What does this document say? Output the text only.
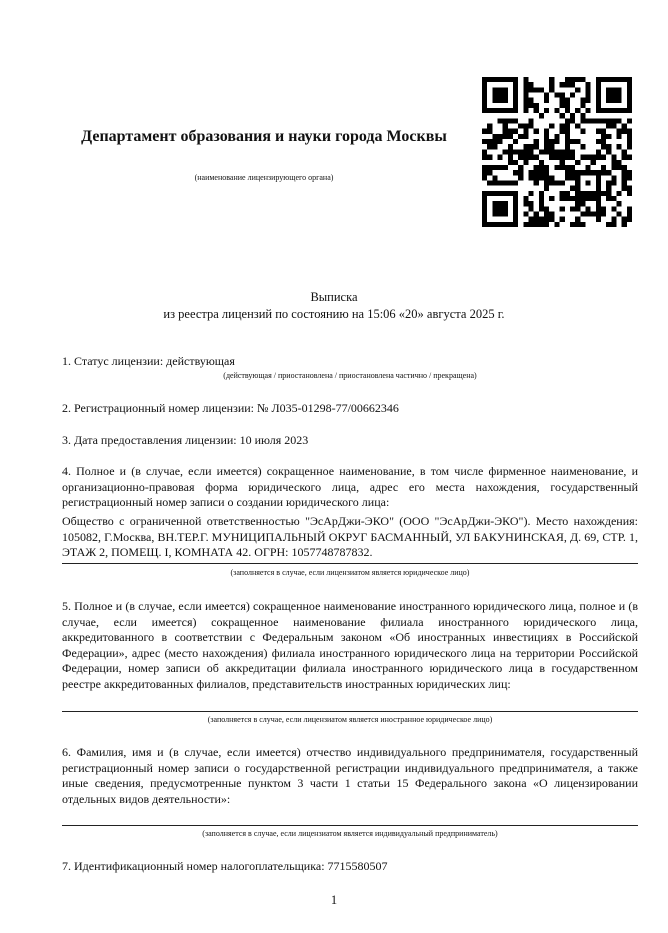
Департамент образования и науки города Москвы
(наименование лицензирующего органа)
Выписка
из реестра лицензий по состоянию на 15:06 «20» августа 2025 г.
1. Статус лицензии: действующая
(действующая / приостановлена / приостановлена частично / прекращена)
2. Регистрационный номер лицензии: № Л035-01298-77/00662346
3. Дата предоставления лицензии: 10 июля 2023
4. Полное и (в случае, если имеется) сокращенное наименование, в том числе фирменное наименование, и организационно-правовая форма юридического лица, адрес его места нахождения, государственный регистрационный номер записи о создании юридического лица:
Общество с ограниченной ответственностью "ЭсАрДжи-ЭКО" (ООО "ЭсАрДжи-ЭКО"). Место нахождения: 105082, Г.Москва, ВН.ТЕР.Г. МУНИЦИПАЛЬНЫЙ ОКРУГ БАСМАННЫЙ, УЛ БАКУНИНСКАЯ, Д. 69, СТР. 1, ЭТАЖ 2, ПОМЕЩ. I, КОМНАТА 42. ОГРН: 1057748787832.
(заполняется в случае, если лицензиатом является юридическое лицо)
5. Полное и (в случае, если имеется) сокращенное наименование иностранного юридического лица, полное и (в случае, если имеется) сокращенное наименование филиала иностранного юридического лица, аккредитованного в соответствии с Федеральным законом «Об иностранных инвестициях в Российской Федерации», адрес (место нахождения) филиала иностранного юридического лица на территории Российской Федерации, номер записи об аккредитации филиала иностранного юридического лица в государственном реестре аккредитованных филиалов, представительств иностранных юридических лиц:
(заполняется в случае, если лицензиатом является иностранное юридическое лицо)
6. Фамилия, имя и (в случае, если имеется) отчество индивидуального предпринимателя, государственный регистрационный номер записи о государственной регистрации индивидуального предпринимателя, а также иные сведения, предусмотренные пунктом 3 части 1 статьи 15 Федерального закона «О лицензировании отдельных видов деятельности»:
(заполняется в случае, если лицензиатом является индивидуальный предприниматель)
7. Идентификационный номер налогоплательщика: 7715580507
1
